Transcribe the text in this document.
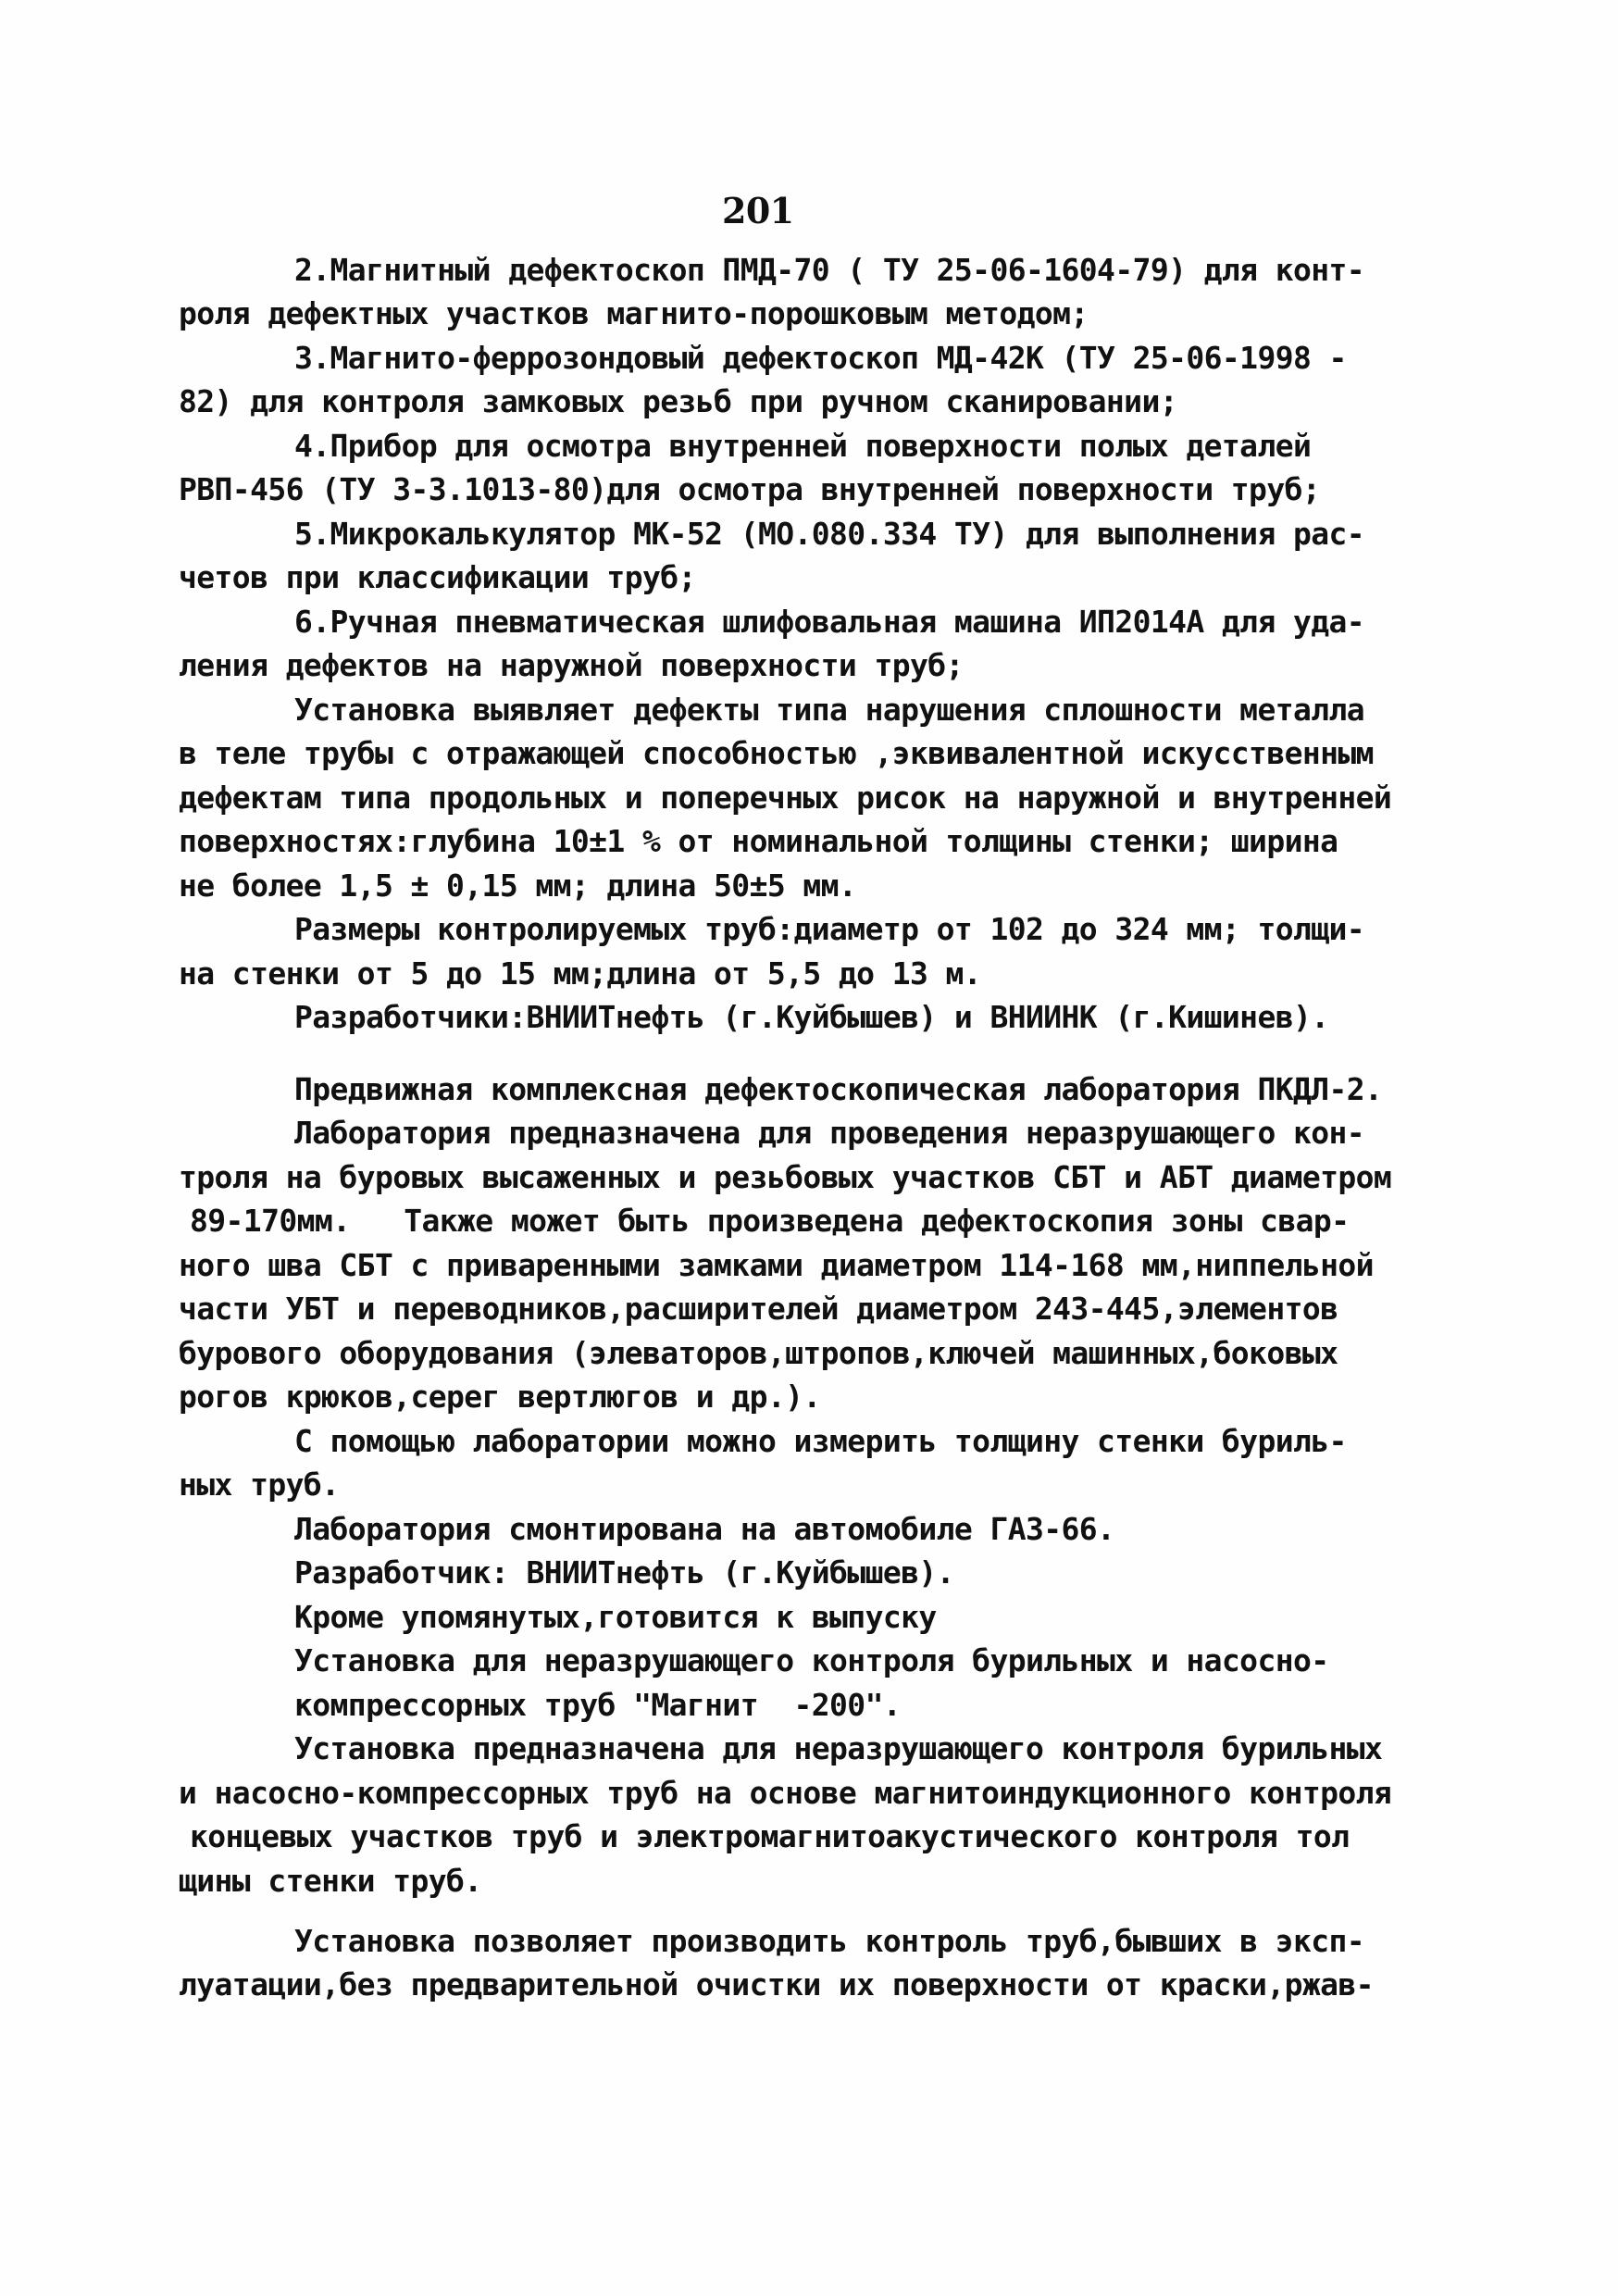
201
2.Магнитный дефектоскоп ПМД-70 ( ТУ 25-06-1604-79) для конт-
роля дефектных участков магнито-порошковым методом;
3.Магнито-феррозондовый дефектоскоп МД-42К (ТУ 25-06-1998 -
82) для контроля замковых резьб при ручном сканировании;
4.Прибор для осмотра внутренней поверхности полых деталей
РВП-456 (ТУ 3-3.1013-80)для осмотра внутренней поверхности труб;
5.Микрокалькулятор МК-52 (МО.080.334 ТУ) для выполнения рас-
четов при классификации труб;
6.Ручная пневматическая шлифовальная машина ИП2014А для уда-
ления дефектов на наружной поверхности труб;
Установка выявляет дефекты типа нарушения сплошности металла
в теле трубы с отражающей способностью ,эквивалентной искусственным
дефектам типа продольных и поперечных рисок на наружной и внутренней
поверхностях:глубина 10±1 % от номинальной толщины стенки; ширина
не более 1,5 ± 0,15 мм; длина 50±5 мм.
Размеры контролируемых труб:диаметр от 102 до 324 мм; толщи-
на стенки от 5 до 15 мм;длина от 5,5 до 13 м.
Разработчики:ВНИИТнефть (г.Куйбышев) и ВНИИНК (г.Кишинев).
Предвижная комплексная дефектоскопическая лаборатория ПКДЛ-2.
Лаборатория предназначена для проведения неразрушающего кон-
троля на буровых высаженных и резьбовых участков СБТ и АБТ диаметром
89-170мм.   Также может быть произведена дефектоскопия зоны свар-
ного шва СБТ с приваренными замками диаметром 114-168 мм,ниппельной
части УБТ и переводников,расширителей диаметром 243-445,элементов
бурового оборудования (элеваторов,штропов,ключей машинных,боковых
рогов крюков,серег вертлюгов и др.).
С помощью лаборатории можно измерить толщину стенки буриль-
ных труб.
Лаборатория смонтирована на автомобиле ГАЗ-66.
Разработчик: ВНИИТнефть (г.Куйбышев).
Кроме упомянутых,готовится к выпуску
Установка для неразрушающего контроля бурильных и насосно-
компрессорных труб "Магнит  -200".
Установка предназначена для неразрушающего контроля бурильных
и насосно-компрессорных труб на основе магнитоиндукционного контроля
концевых участков труб и электромагнитоакустического контроля тол
щины стенки труб.
Установка позволяет производить контроль труб,бывших в эксп-
луатации,без предварительной очистки их поверхности от краски,ржав-
